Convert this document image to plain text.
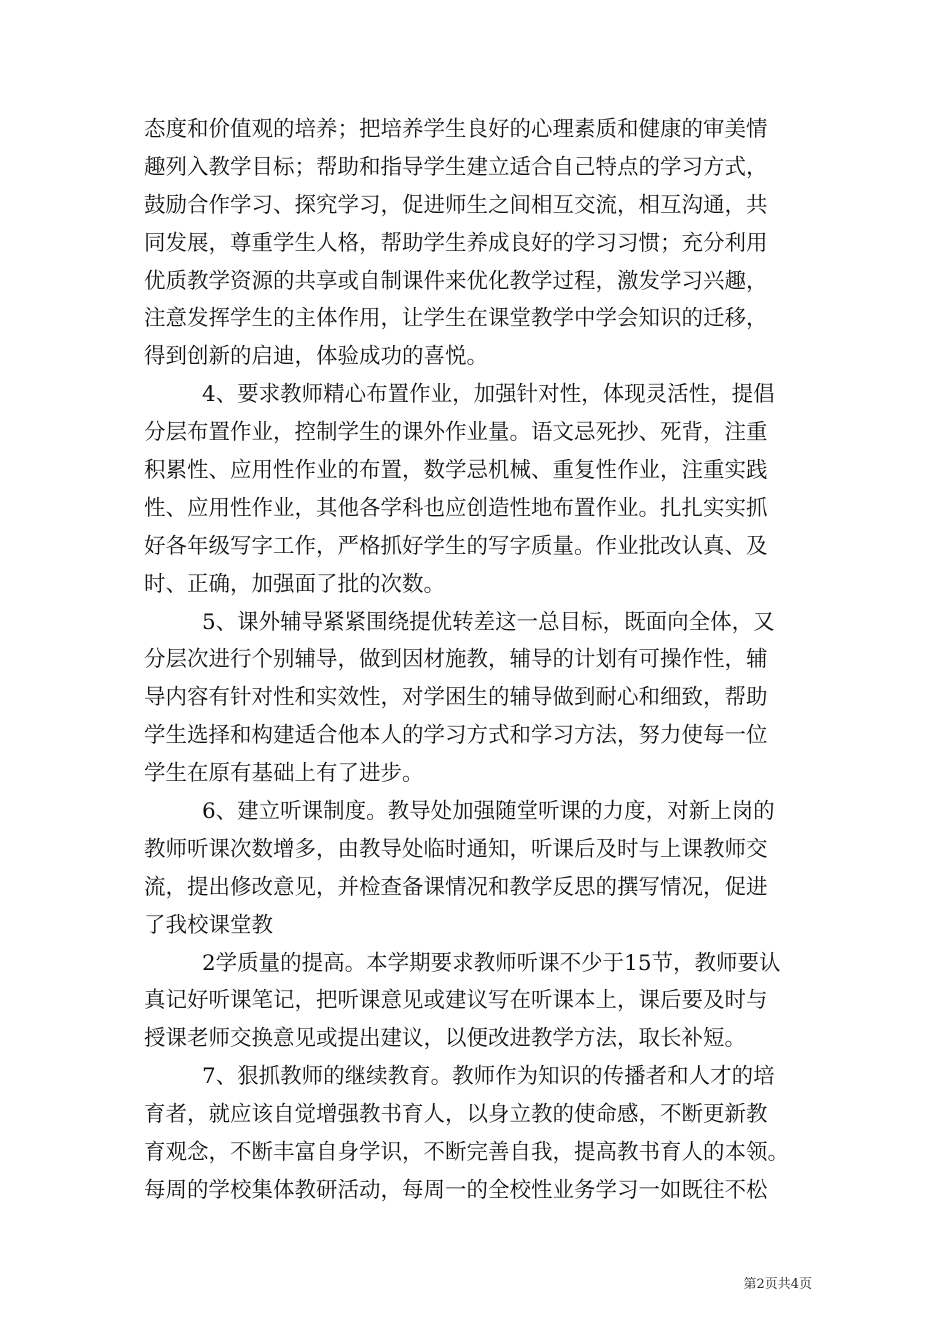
态度和价值观的培养；把培养学生良好的心理素质和健康的审美情
趣列入教学目标；帮助和指导学生建立适合自己特点的学习方式，
鼓励合作学习、探究学习，促进师生之间相互交流，相互沟通，共
同发展，尊重学生人格，帮助学生养成良好的学习习惯；充分利用
优质教学资源的共享或自制课件来优化教学过程，激发学习兴趣，
注意发挥学生的主体作用，让学生在课堂教学中学会知识的迁移，
得到创新的启迪，体验成功的喜悦。
4、要求教师精心布置作业，加强针对性，体现灵活性，提倡
分层布置作业，控制学生的课外作业量。语文忌死抄、死背，注重
积累性、应用性作业的布置，数学忌机械、重复性作业，注重实践
性、应用性作业，其他各学科也应创造性地布置作业。扎扎实实抓
好各年级写字工作，严格抓好学生的写字质量。作业批改认真、及
时、正确，加强面了批的次数。
5、课外辅导紧紧围绕提优转差这一总目标，既面向全体，又
分层次进行个别辅导，做到因材施教，辅导的计划有可操作性，辅
导内容有针对性和实效性，对学困生的辅导做到耐心和细致，帮助
学生选择和构建适合他本人的学习方式和学习方法，努力使每一位
学生在原有基础上有了进步。
6、建立听课制度。教导处加强随堂听课的力度，对新上岗的
教师听课次数增多，由教导处临时通知，听课后及时与上课教师交
流，提出修改意见，并检查备课情况和教学反思的撰写情况，促进
了我校课堂教
2学质量的提高。本学期要求教师听课不少于15节，教师要认
真记好听课笔记，把听课意见或建议写在听课本上，课后要及时与
授课老师交换意见或提出建议，以便改进教学方法，取长补短。
7、狠抓教师的继续教育。教师作为知识的传播者和人才的培
育者，就应该自觉增强教书育人，以身立教的使命感，不断更新教
育观念，不断丰富自身学识，不断完善自我，提高教书育人的本领。
每周的学校集体教研活动，每周一的全校性业务学习一如既往不松
第2页共4页
